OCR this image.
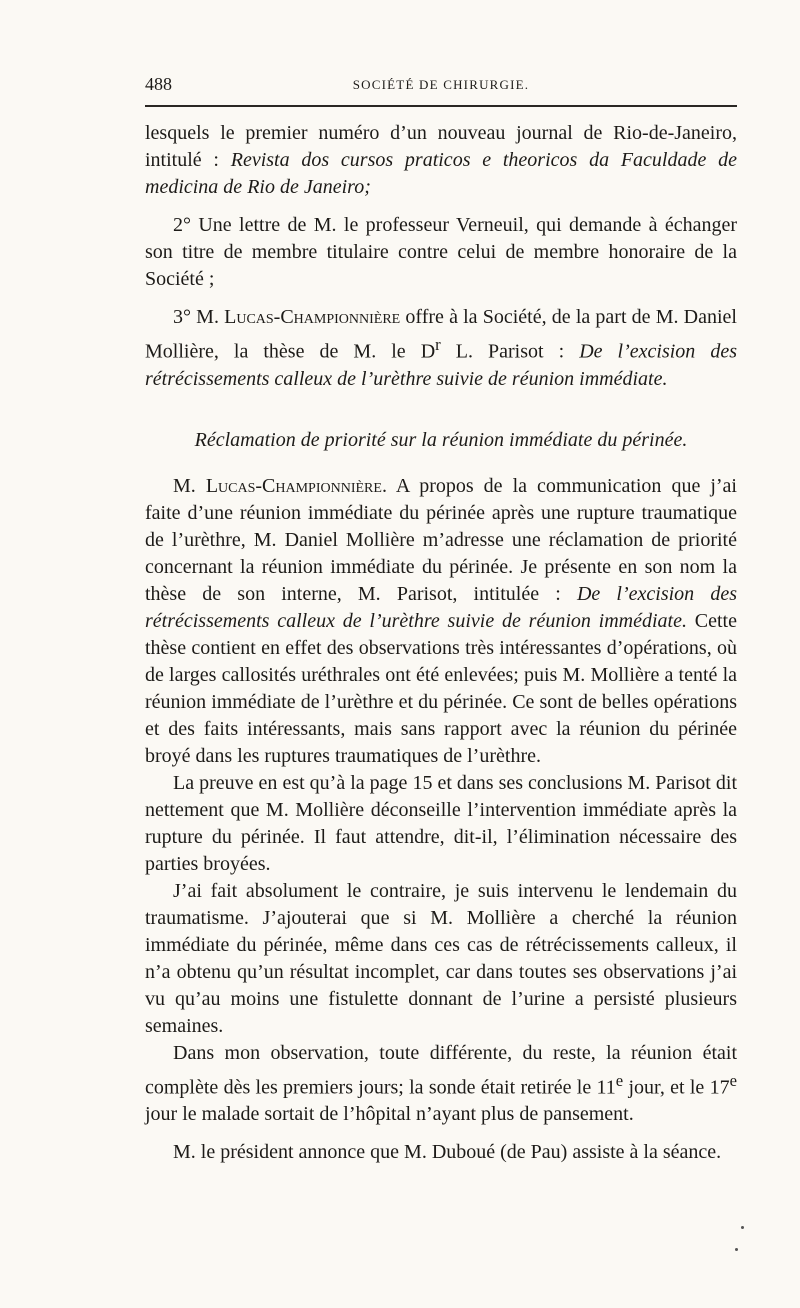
488	SOCIÉTÉ DE CHIRURGIE.

lesquels le premier numéro d’un nouveau journal de Rio-de-Janeiro, intitulé : Revista dos cursos praticos e theoricos da Faculdade de medicina de Rio de Janeiro;

2° Une lettre de M. le professeur Verneuil, qui demande à échanger son titre de membre titulaire contre celui de membre honoraire de la Société ;

3° M. Lucas-Championnière offre à la Société, de la part de M. Daniel Mollière, la thèse de M. le $D^r$ L. Parisot : De l’excision des rétrécissements calleux de l’urèthre suivie de réunion immédiate.

Réclamation de priorité sur la réunion immédiate du périnée.

M. Lucas-Championnière. A propos de la communication que j’ai faite d’une réunion immédiate du périnée après une rupture traumatique de l’urèthre, M. Daniel Mollière m’adresse une réclamation de priorité concernant la réunion immédiate du périnée. Je présente en son nom la thèse de son interne, M. Parisot, intitulée : De l’excision des rétrécissements calleux de l’urèthre suivie de réunion immédiate. Cette thèse contient en effet des observations très intéressantes d’opérations, où de larges callosités uréthrales ont été enlevées; puis M. Mollière a tenté la réunion immédiate de l’urèthre et du périnée. Ce sont de belles opérations et des faits intéressants, mais sans rapport avec la réunion du périnée broyé dans les ruptures traumatiques de l’urèthre.

La preuve en est qu’à la page 15 et dans ses conclusions M. Parisot dit nettement que M. Mollière déconseille l’intervention immédiate après la rupture du périnée. Il faut attendre, dit-il, l’élimination nécessaire des parties broyées.

J’ai fait absolument le contraire, je suis intervenu le lendemain du traumatisme. J’ajouterai que si M. Mollière a cherché la réunion immédiate du périnée, même dans ces cas de rétrécissements calleux, il n’a obtenu qu’un résultat incomplet, car dans toutes ses observations j’ai vu qu’au moins une fistulette donnant de l’urine a persisté plusieurs semaines.

Dans mon observation, toute différente, du reste, la réunion était complète dès les premiers jours; la sonde était retirée le 11e jour, et le 17e jour le malade sortait de l’hôpital n’ayant plus de pansement.

M. le président annonce que M. Duboué (de Pau) assiste à la séance.
